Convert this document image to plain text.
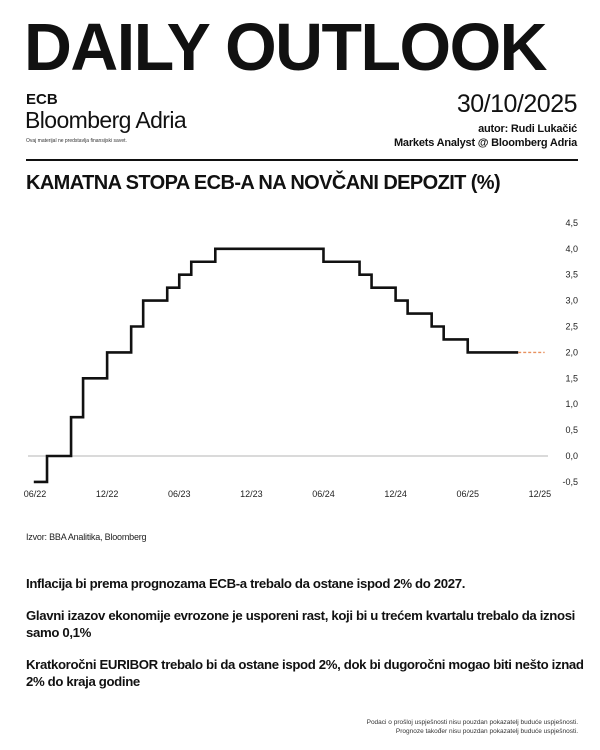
DAILY OUTLOOK
ECB
Bloomberg Adria
Ovaj materijal ne predstavlja finansijski savet.
30/10/2025
autor: Rudi Lukačić
Markets Analyst @ Bloomberg Adria
KAMATNA STOPA ECB-A NA NOVČANI DEPOZIT (%)
4,5
4,0
3,5
3,0
2,5
2,0
1,5
1,0
0,5
0,0
-0,5
06/22	12/22	06/23	12/23	06/24	12/24	06/25	12/25
Izvor: BBA Analitika, Bloomberg

Inflacija bi prema prognozama ECB-a trebalo da ostane ispod 2% do 2027.

Glavni izazov ekonomije evrozone je usporeni rast, koji bi u trećem kvartalu trebalo da iznosi samo 0,1%

Kratkoročni EURIBOR trebalo bi da ostane ispod 2%, dok bi dugoročni mogao biti nešto iznad 2% do kraja godine

Podaci o prošloj uspješnosti nisu pouzdan pokazatelj buduće uspješnosti.
Prognoze također nisu pouzdan pokazatelj buduće uspješnosti.
